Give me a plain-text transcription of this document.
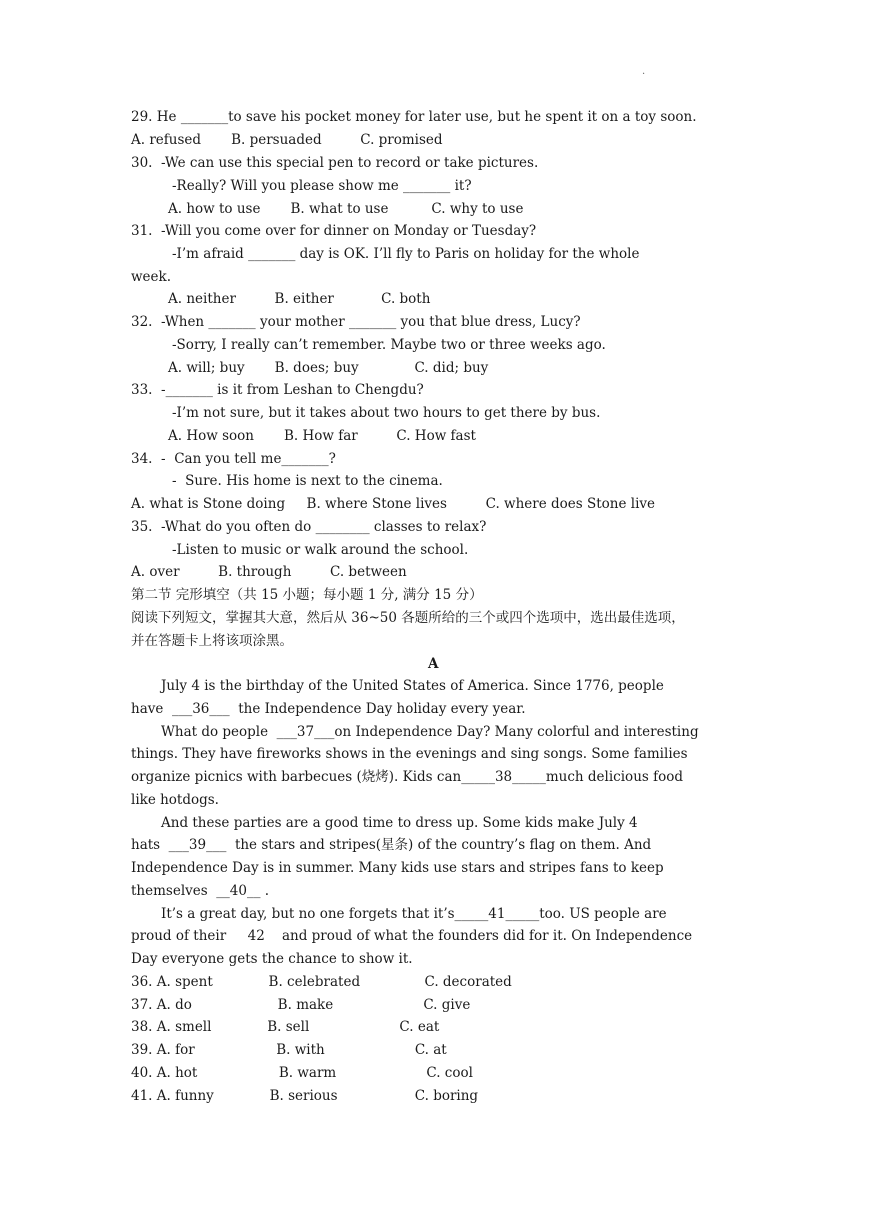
.
29. He _______to save his pocket money for later use, but he spent it on a toy soon.
A. refused       B. persuaded         C. promised
30.  -We can use this special pen to record or take pictures.
-Really? Will you please show me _______ it?
A. how to use       B. what to use          C. why to use
31.  -Will you come over for dinner on Monday or Tuesday?
-I’m afraid _______ day is OK. I’ll fly to Paris on holiday for the whole
week.
A. neither         B. either           C. both
32.  -When _______ your mother _______ you that blue dress, Lucy?
-Sorry, I really can’t remember. Maybe two or three weeks ago.
A. will; buy       B. does; buy             C. did; buy
33.  -_______ is it from Leshan to Chengdu?
-I’m not sure, but it takes about two hours to get there by bus.
A. How soon       B. How far         C. How fast
34.  -  Can you tell me_______?
-  Sure. His home is next to the cinema.
A. what is Stone doing     B. where Stone lives         C. where does Stone live
35.  -What do you often do ________ classes to relax?
-Listen to music or walk around the school.
A. over         B. through         C. between
第二节 完形填空（共 15 小题；每小题 1 分, 满分 15 分）
阅读下列短文，掌握其大意，然后从 36~50 各题所给的三个或四个选项中，选出最佳选项，
并在答题卡上将该项涂黑。
A
July 4 is the birthday of the United States of America. Since 1776, people
have  ___36___  the Independence Day holiday every year.
What do people  ___37___on Independence Day? Many colorful and interesting
things. They have fireworks shows in the evenings and sing songs. Some families
organize picnics with barbecues (烧烤). Kids can_____38_____much delicious food
like hotdogs.
And these parties are a good time to dress up. Some kids make July 4
hats  ___39___  the stars and stripes(星条) of the country’s flag on them. And
Independence Day is in summer. Many kids use stars and stripes fans to keep
themselves  __40__ .
It’s a great day, but no one forgets that it’s_____41_____too. US people are
proud of their     42    and proud of what the founders did for it. On Independence
Day everyone gets the chance to show it.
36. A. spent             B. celebrated               C. decorated
37. A. do                    B. make                     C. give
38. A. smell             B. sell                     C. eat
39. A. for                   B. with                     C. at
40. A. hot                   B. warm                     C. cool
41. A. funny             B. serious                  C. boring
